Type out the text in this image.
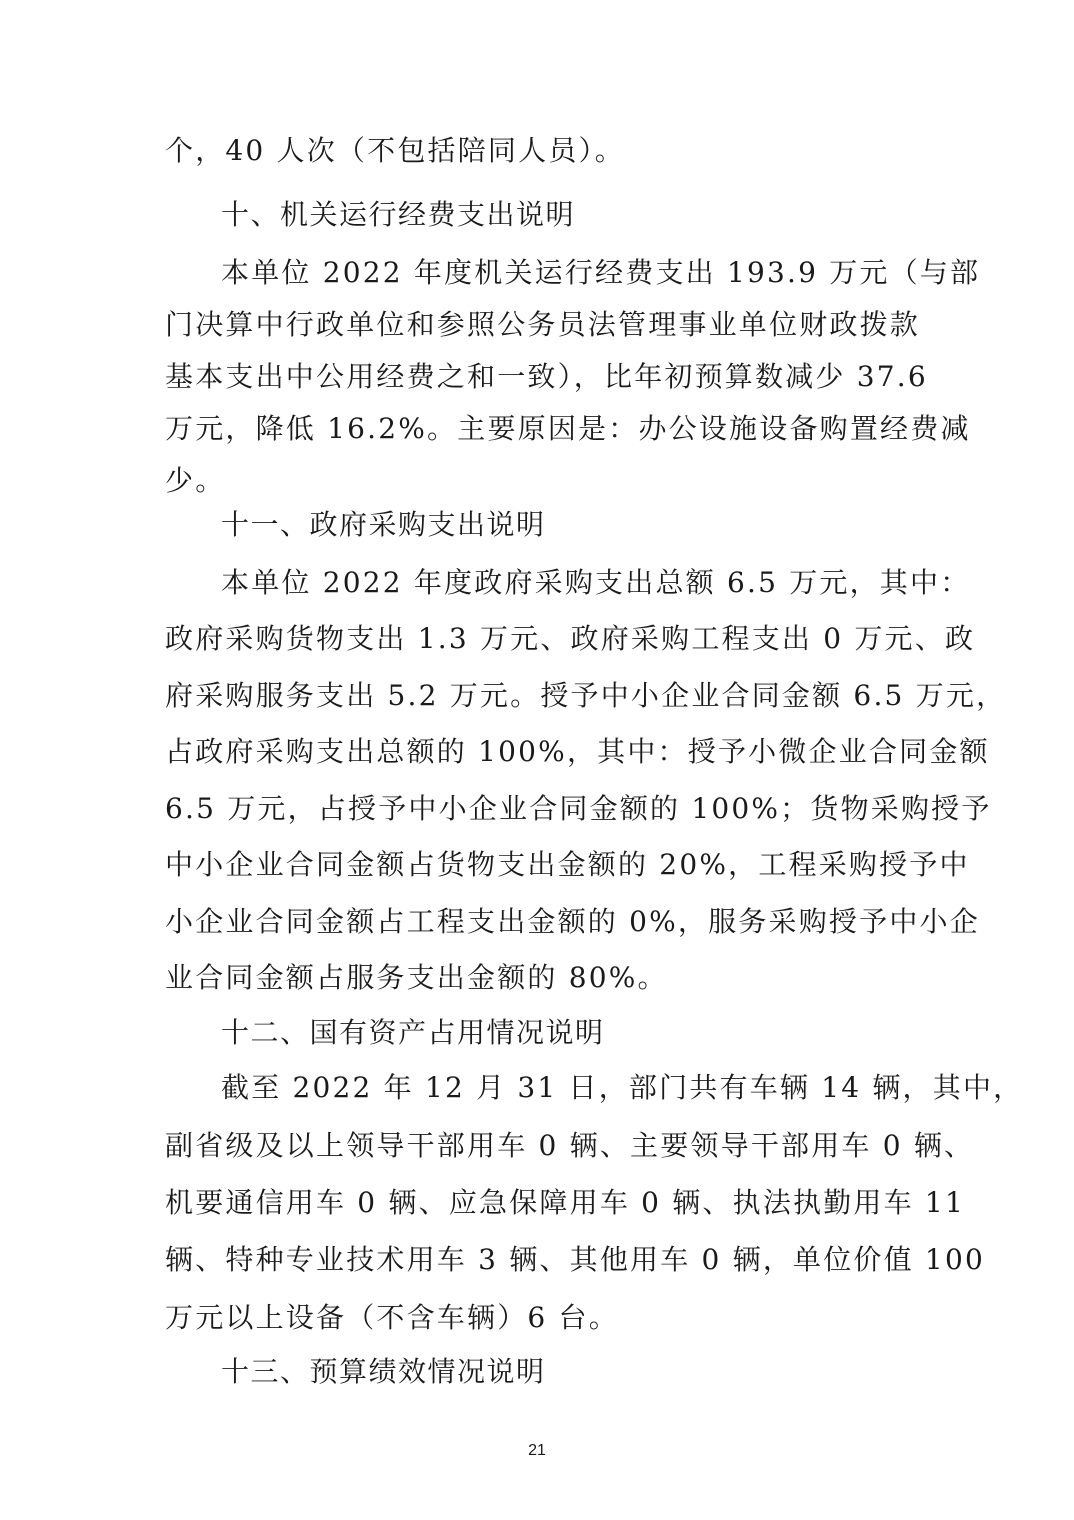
个，40 人次（不包括陪同人员）。
十、机关运行经费支出说明
本单位 2022 年度机关运行经费支出 193.9 万元（与部
门决算中行政单位和参照公务员法管理事业单位财政拨款
基本支出中公用经费之和一致），比年初预算数减少 37.6
万元，降低 16.2%。主要原因是：办公设施设备购置经费减
少。
十一、政府采购支出说明
本单位 2022 年度政府采购支出总额 6.5 万元，其中：
政府采购货物支出 1.3 万元、政府采购工程支出 0 万元、政
府采购服务支出 5.2 万元。授予中小企业合同金额 6.5 万元，
占政府采购支出总额的 100%，其中：授予小微企业合同金额
6.5 万元，占授予中小企业合同金额的 100%；货物采购授予
中小企业合同金额占货物支出金额的 20%，工程采购授予中
小企业合同金额占工程支出金额的 0%，服务采购授予中小企
业合同金额占服务支出金额的 80%。
十二、国有资产占用情况说明
截至 2022 年 12 月 31 日，部门共有车辆 14 辆，其中，
副省级及以上领导干部用车 0 辆、主要领导干部用车 0 辆、
机要通信用车 0 辆、应急保障用车 0 辆、执法执勤用车 11
辆、特种专业技术用车 3 辆、其他用车 0 辆，单位价值 100
万元以上设备（不含车辆）6 台。
十三、预算绩效情况说明
21
